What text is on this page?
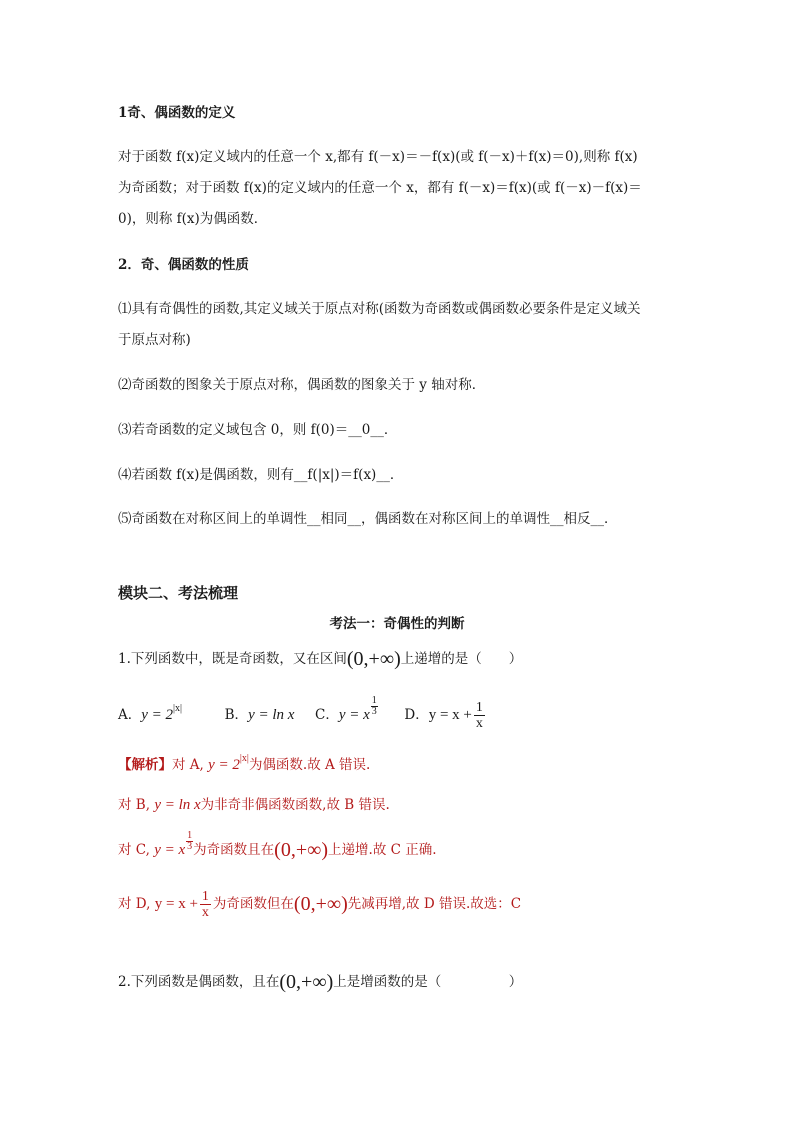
1奇、偶函数的定义
对于函数 f(x)定义域内的任意一个 x,都有 f(－x)＝－f(x)(或 f(－x)＋f(x)＝0),则称 f(x)
为奇函数；对于函数 f(x)的定义域内的任意一个 x，都有 f(－x)＝f(x)(或 f(－x)－f(x)＝
0)，则称 f(x)为偶函数．
2．奇、偶函数的性质
⑴具有奇偶性的函数,其定义域关于原点对称(函数为奇函数或偶函数必要条件是定义域关
于原点对称)
⑵奇函数的图象关于原点对称，偶函数的图象关于 y 轴对称．
⑶若奇函数的定义域包含 0，则 f(0)＝__0__．
⑷若函数 f(x)是偶函数，则有__f(|x|)＝f(x)__．
⑸奇函数在对称区间上的单调性__相同__，偶函数在对称区间上的单调性__相反__．
模块二、考法梳理
考法一：奇偶性的判断
1.下列函数中，既是奇函数，又在区间(0,+∞)上递增的是（　　）
A．$y = 2^{|x|}$	B．y = ln x C．y = x $\frac{1}{3}$ D．$y = x + \frac{1}{x}$
【解析】对 A, $y = 2^{|x|}$为偶函数.故 A 错误.
对 B, y = ln x为非奇非偶函数函数,故 B 错误.
对 C, y = x $\frac{1}{3}$ 为奇函数且在(0,+∞)上递增.故 C 正确.
对 D, $y = x + \frac{1}{x}$ 为奇函数但在(0,+∞)先减再增,故 D 错误.故选：C
2.下列函数是偶函数，且在(0,+∞)上是增函数的是（　　　　　）
